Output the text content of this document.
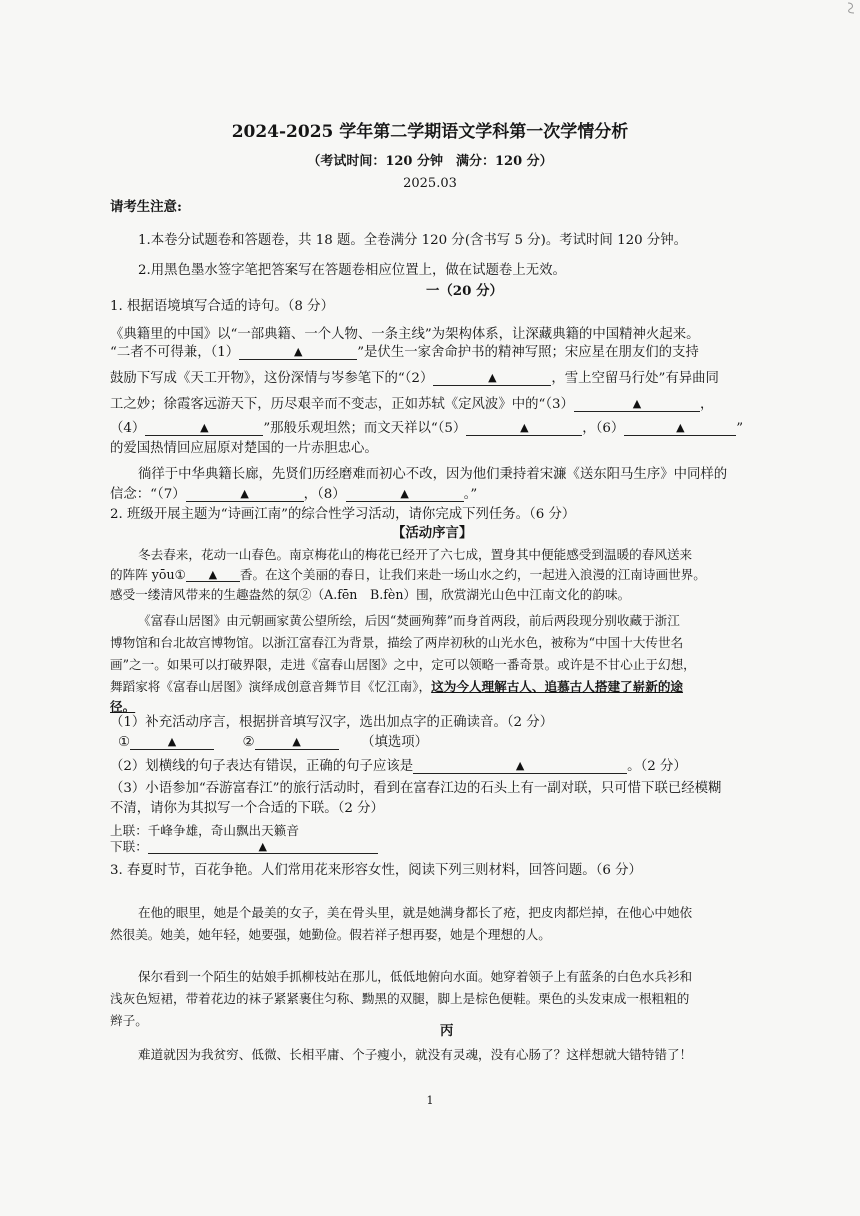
2024-2025 学年第二学期语文学科第一次学情分析
（考试时间：120 分钟　满分：120 分）
2025.03
请考生注意:
1.本卷分试题卷和答题卷，共 18 题。全卷满分 120 分(含书写 5 分)。考试时间 120 分钟。
2.用黑色墨水签字笔把答案写在答题卷相应位置上，做在试题卷上无效。
一（20 分）
1. 根据语境填写合适的诗句。（8 分）
《典籍里的中国》以“一部典籍、一个人物、一条主线”为架构体系，让深藏典籍的中国精神火起来。
“二者不可得兼，（1）	▲	”是伏生一家舍命护书的精神写照；宋应星在朋友们的支持
鼓励下写成《天工开物》，这份深情与岑参笔下的“（2）	▲	，雪上空留马行处”有异曲同
工之妙；徐霞客远游天下，历尽艰辛而不变志，正如苏轼《定风波》中的“（3）	▲	，
（4）	▲	”那般乐观坦然；而文天祥以“（5）	▲	，（6）	▲	”
的爱国热情回应屈原对楚国的一片赤胆忠心。
徜徉于中华典籍长廊，先贤们历经磨难而初心不改，因为他们秉持着宋濂《送东阳马生序》中同样的
信念：“（7）	▲	，（8）	▲	。”
2. 班级开展主题为“诗画江南”的综合性学习活动，请你完成下列任务。（6 分）
【活动序言】
冬去春来，花动一山春色。南京梅花山的梅花已经开了六七成，置身其中便能感受到温暖的春风送来
的阵阵 yōu① ▲ 香。在这个美丽的春日，让我们来赴一场山水之约，一起进入浪漫的江南诗画世界。
感受一缕清风带来的生趣盎然的氛②（A.fēn　B.fèn）围，欣赏湖光山色中江南文化的韵味。
《富春山居图》由元朝画家黄公望所绘，后因“焚画殉葬”而身首两段，前后两段现分别收藏于浙江
博物馆和台北故宫博物馆。以浙江富春江为背景，描绘了两岸初秋的山光水色，被称为“中国十大传世名
画”之一。如果可以打破界限，走进《富春山居图》之中，定可以领略一番奇景。或许是不甘心止于幻想，
舞蹈家将《富春山居图》演绎成创意音舞节目《忆江南》，这为今人理解古人、追慕古人搭建了崭新的途
径。
（1）补充活动序言，根据拼音填写汉字，选出加点字的正确读音。（2 分）
①	▲	②	▲	（填选项）
（2）划横线的句子表达有错误，正确的句子应该是	▲	。（2 分）
（3）小语参加“吞游富春江”的旅行活动时，看到在富春江边的石头上有一副对联，只可惜下联已经模糊
不清，请你为其拟写一个合适的下联。（2 分）
上联：千峰争雄，奇山飘出天籁音
下联：	▲
3. 春夏时节，百花争艳。人们常用花来形容女性，阅读下列三则材料，回答问题。（6 分）
在他的眼里，她是个最美的女子，美在骨头里，就是她满身都长了疮，把皮肉都烂掉，在他心中她依
然很美。她美，她年轻，她要强，她勤俭。假若祥子想再娶，她是个理想的人。
保尔看到一个陌生的姑娘手抓柳枝站在那儿，低低地俯向水面。她穿着领子上有蓝条的白色水兵衫和
浅灰色短裙，带着花边的袜子紧紧裹住匀称、黝黑的双腿，脚上是棕色便鞋。栗色的头发束成一根粗粗的
辫子。
丙
难道就因为我贫穷、低微、长相平庸、个子瘦小，就没有灵魂，没有心肠了？这样想就大错特错了！
1
